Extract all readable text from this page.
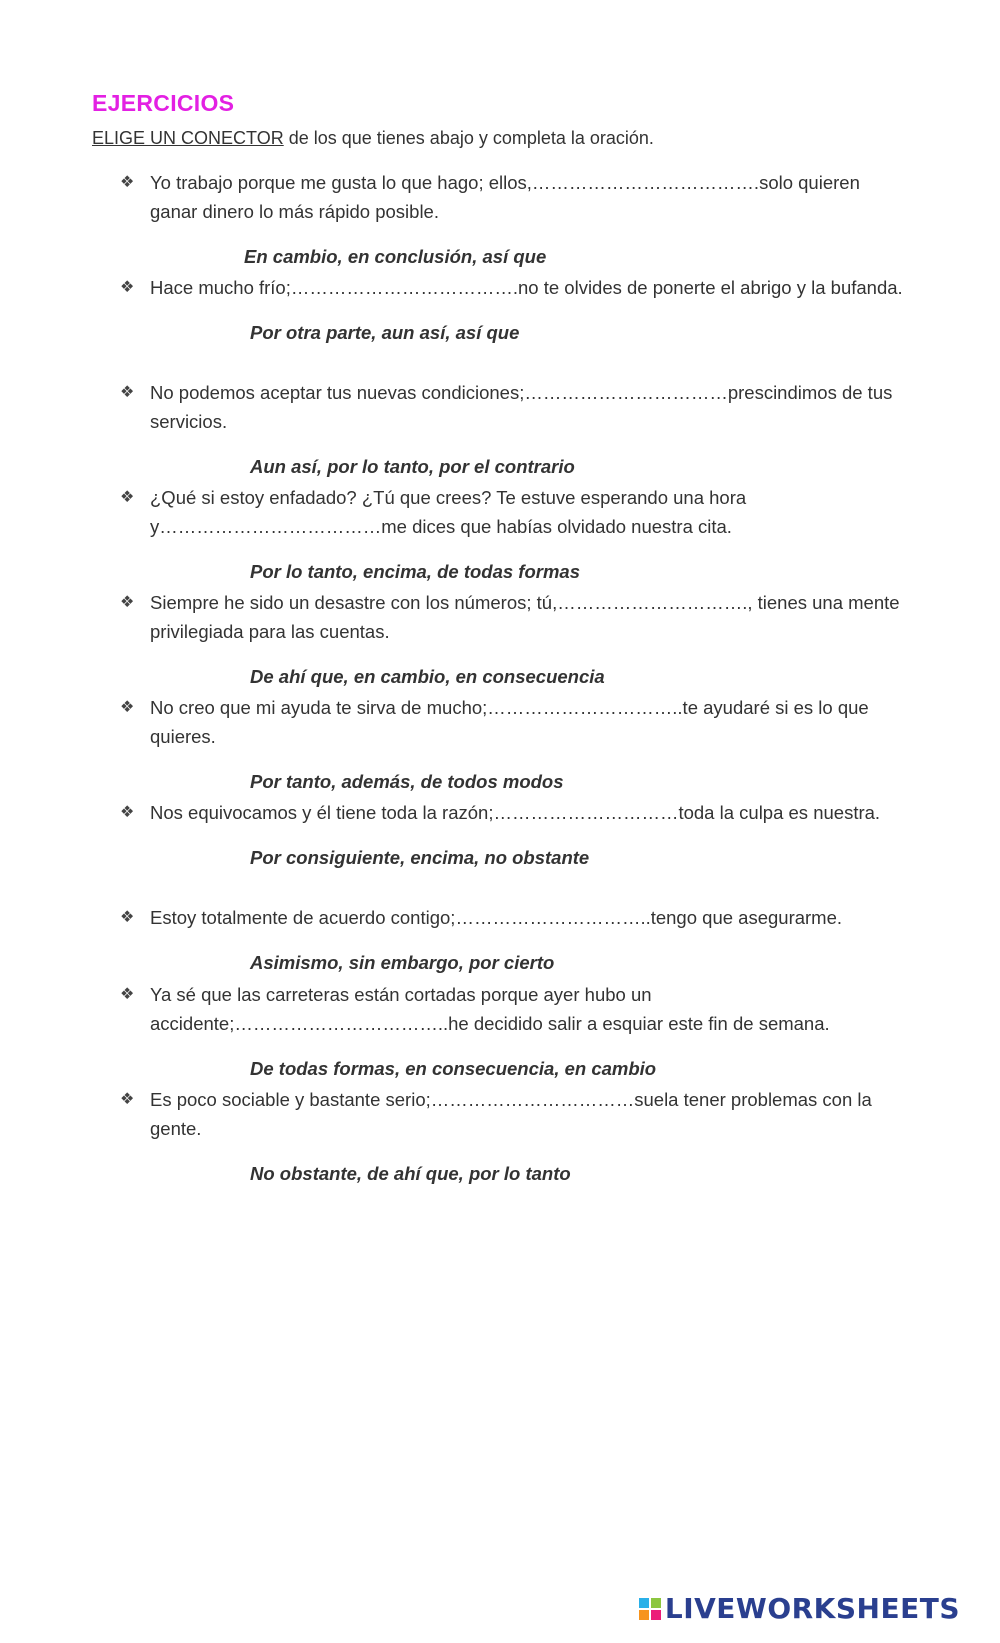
EJERCICIOS
ELIGE UN CONECTOR de los que tienes abajo y completa la oración.
❖ Yo trabajo porque me gusta lo que hago; ellos,……………………………….solo quieren ganar dinero lo más rápido posible.
En cambio, en conclusión, así que
❖ Hace mucho frío;……………………………….no te olvides de ponerte el abrigo y la bufanda.
Por otra parte, aun así, así que
❖ No podemos aceptar tus nuevas condiciones;……………………………prescindimos de tus servicios.
Aun así, por lo tanto, por el contrario
❖ ¿Qué si estoy enfadado? ¿Tú que crees? Te estuve esperando una hora y………………………………me dices que habías olvidado nuestra cita.
Por lo tanto, encima, de todas formas
❖ Siempre he sido un desastre con los números; tú,…………………………., tienes una mente privilegiada para las cuentas.
De ahí que, en cambio, en consecuencia
❖ No creo que mi ayuda te sirva de mucho;…………………………..te ayudaré si es lo que quieres.
Por tanto, además, de todos modos
❖ Nos equivocamos y él tiene toda la razón;…………………………toda la culpa es nuestra.
Por consiguiente, encima, no obstante
❖ Estoy totalmente de acuerdo contigo;…………………………..tengo que asegurarme.
Asimismo, sin embargo, por cierto
❖ Ya sé que las carreteras están cortadas porque ayer hubo un accidente;……………………………..he decidido salir a esquiar este fin de semana.
De todas formas, en consecuencia, en cambio
❖ Es poco sociable y bastante serio;……………………………suela tener problemas con la gente.
No obstante, de ahí que, por lo tanto
LIVEWORKSHEETS
